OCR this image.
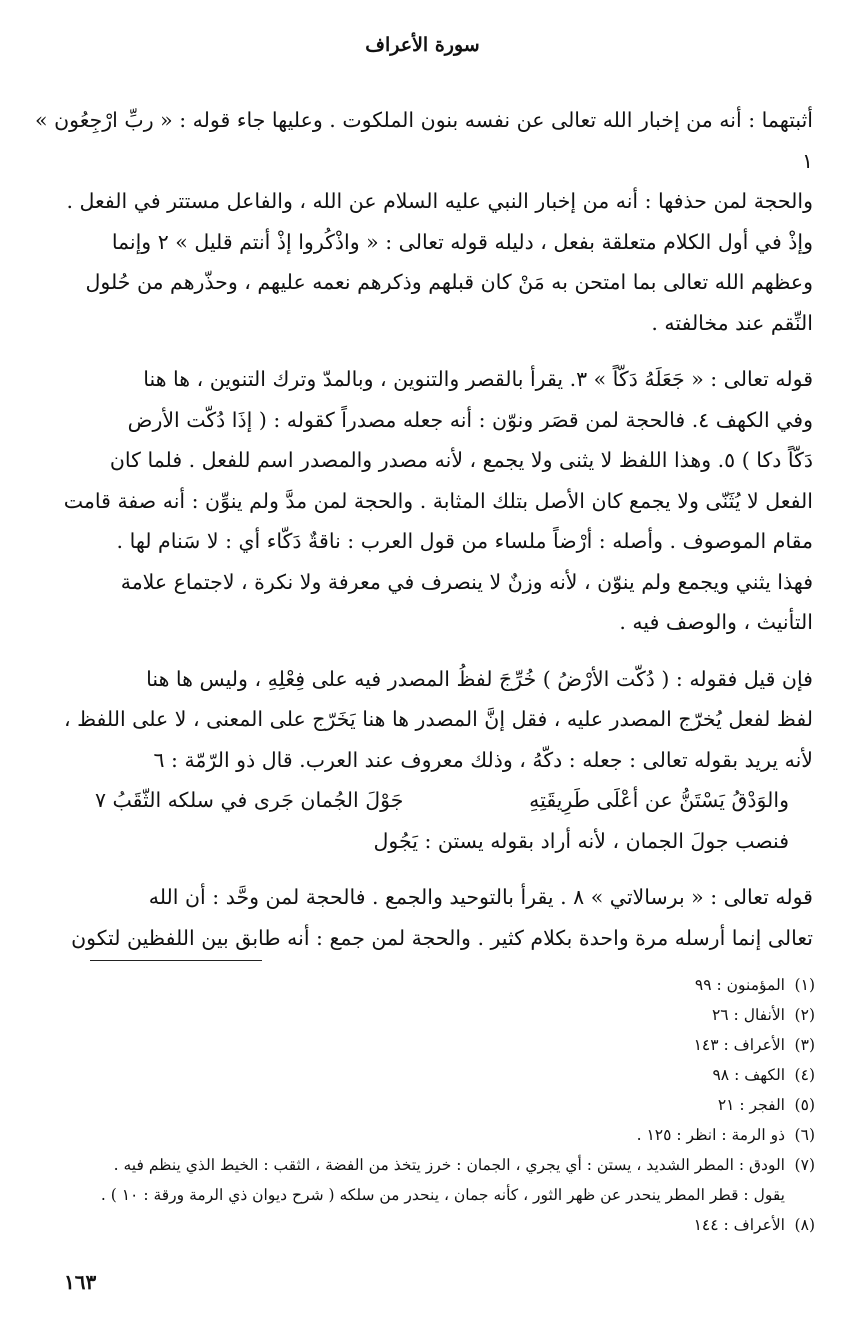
سورة الأعراف
أثبتهما : أنه من إخبار الله تعالى عن نفسه بنون الملكوت . وعليها جاء قوله : « ربِّ ارْجِعُون » ١
والحجة لمن حذفها : أنه من إخبار النبي عليه السلام عن الله ، والفاعل مستتر في الفعل .
وإذْ في أول الكلام متعلقة بفعل ، دليله قوله تعالى : « واذْكُروا إذْ أنتم قليل » ٢ وإنما
وعظهم الله تعالى بما امتحن به مَنْ كان قبلهم وذكرهم نعمه عليهم ، وحذّرهم من حُلول
النِّقم عند مخالفته .
قوله تعالى : « جَعَلَهُ دَكّاً » ٣. يقرأ بالقصر والتنوين ، وبالمدّ وترك التنوين ، ها هنا
وفي الكهف ٤. فالحجة لمن قصَر ونوّن : أنه جعله مصدراً كقوله : ( إذَا دُكّت الأرض
دَكّاً دكا ) ٥. وهذا اللفظ لا يثنى ولا يجمع ، لأنه مصدر والمصدر اسم للفعل . فلما كان
الفعل لا يُثَنّى ولا يجمع كان الأصل بتلك المثابة . والحجة لمن مدَّ ولم ينوِّن : أنه صفة قامت
مقام الموصوف . وأصله : أرْضاً ملساء من قول العرب : ناقةٌ دَكّاء أي : لا سَنام لها .
فهذا يثني ويجمع ولم ينوّن ، لأنه وزنٌ لا ينصرف في معرفة ولا نكرة ، لاجتماع علامة
التأنيث ، والوصف فيه .
فإن قيل فقوله : ( دُكّت الأرْضُ ) خُرِّجَ لفظُ المصدر فيه على فِعْلِهِ ، وليس ها هنا
لفظ لفعل يُخرّج المصدر عليه ، فقل إنَّ المصدر ها هنا يَخَرّج على المعنى ، لا على اللفظ ،
لأنه يريد بقوله تعالى : جعله : دكّهُ ، وذلك معروف عند العرب. قال ذو الرّمّة : ٦
والوَدْقُ يَسْتَنُّ عن أعْلَى طَرِيقَتِهِ
جَوْلَ الجُمان جَرى في سلكه الثّقَبُ ٧
فنصب جولَ الجمان ، لأنه أراد بقوله يستن : يَجُول
قوله تعالى : « برسالاتي » ٨ . يقرأ بالتوحيد والجمع . فالحجة لمن وحَّد : أن الله
تعالى إنما أرسله مرة واحدة بكلام كثير . والحجة لمن جمع : أنه طابق بين اللفظين لتكون
(١)
المؤمنون : ٩٩
(٢)
الأنفال : ٢٦
(٣)
الأعراف : ١٤٣
(٤)
الكهف : ٩٨
(٥)
الفجر : ٢١
(٦)
ذو الرمة : انظر : ١٢٥ .
(٧)
الودق : المطر الشديد ، يستن : أي يجري ، الجمان : خرز يتخذ من الفضة ، الثقب : الخيط الذي ينظم فيه .
يقول : قطر المطر ينحدر عن ظهر الثور ، كأنه جمان ، ينحدر من سلكه ( شرح ديوان ذي الرمة ورقة : ١٠ ) .
(٨)
الأعراف : ١٤٤
١٦٣
